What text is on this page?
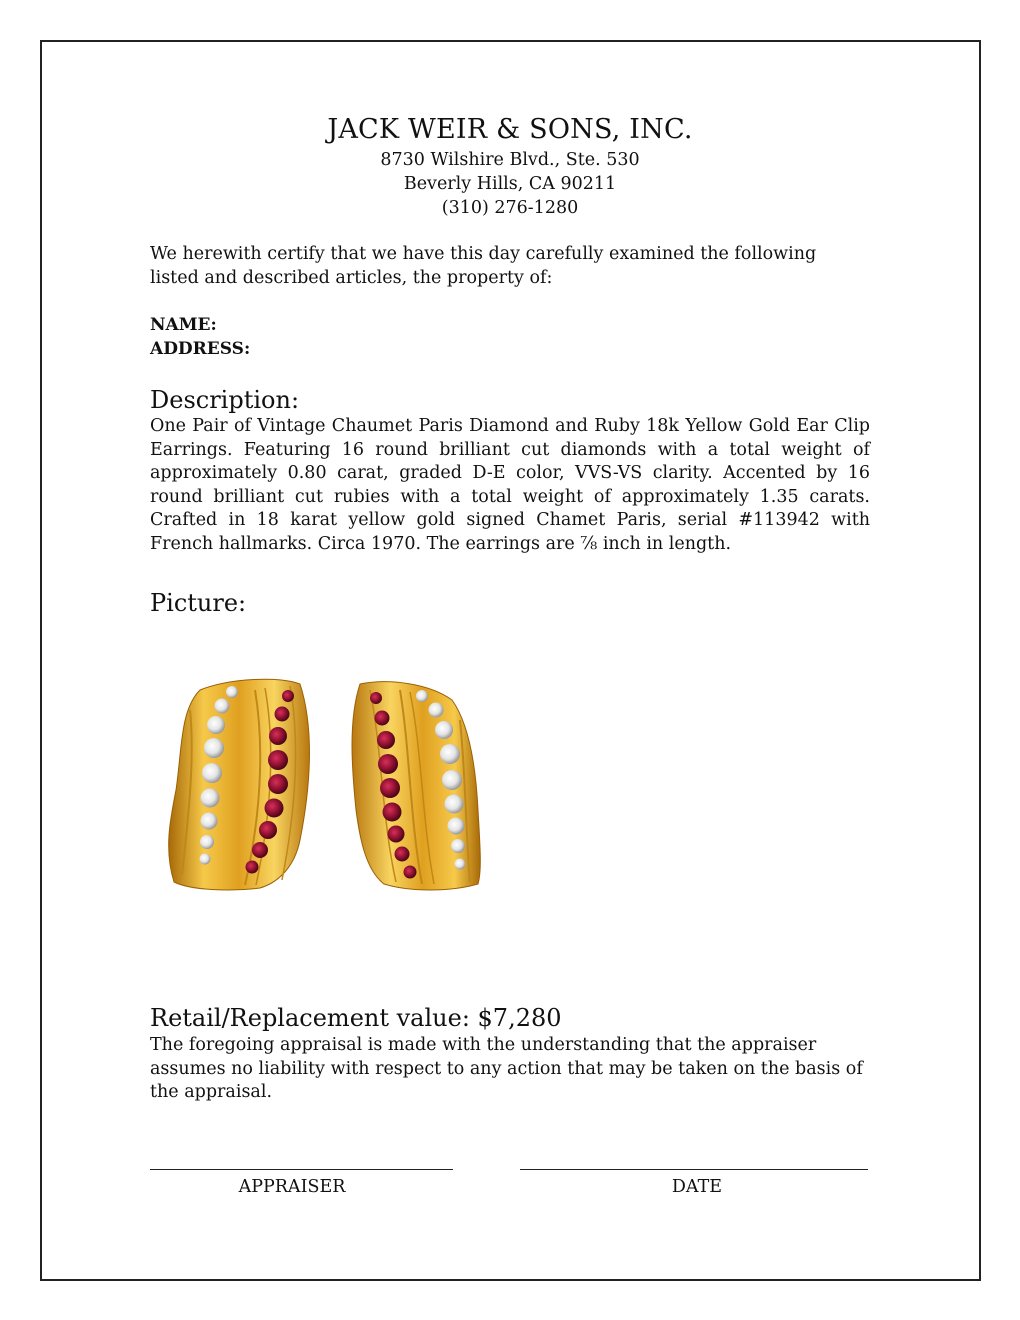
JACK WEIR & SONS, INC.
8730 Wilshire Blvd., Ste. 530
Beverly Hills, CA 90211
(310) 276-1280
We herewith certify that we have this day carefully examined the following listed and described articles, the property of:
NAME:
ADDRESS:
Description:
One Pair of Vintage Chaumet Paris Diamond and Ruby 18k Yellow Gold Ear Clip Earrings. Featuring 16 round brilliant cut diamonds with a total weight of approximately 0.80 carat, graded D-E color, VVS-VS clarity. Accented by 16 round brilliant cut rubies with a total weight of approximately 1.35 carats. Crafted in 18 karat yellow gold signed Chamet Paris, serial #113942 with French hallmarks. Circa 1970. The earrings are ⅞ inch in length.
Picture:
Retail/Replacement value: $7,280
The foregoing appraisal is made with the understanding that the appraiser assumes no liability with respect to any action that may be taken on the basis of the appraisal.
APPRAISER	DATE
